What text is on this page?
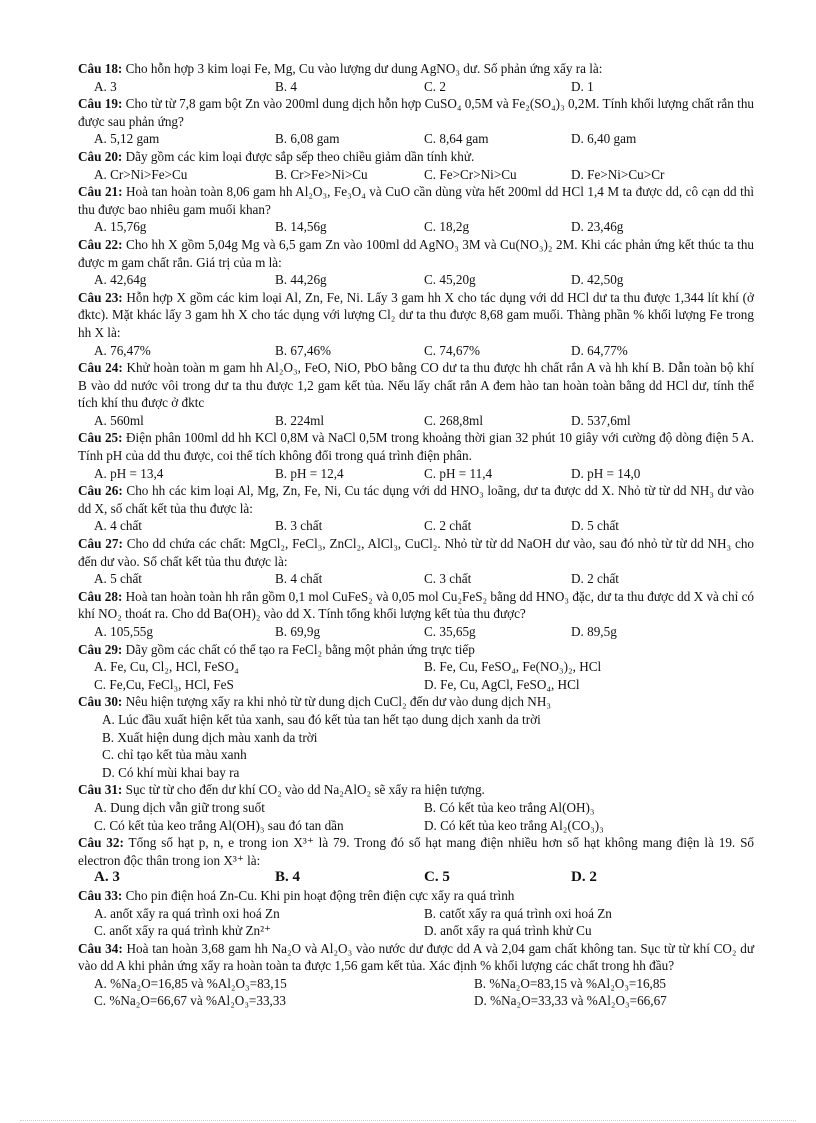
Câu 18: Cho hỗn hợp 3 kim loại Fe, Mg, Cu vào lượng dư dung AgNO₃ dư. Số phản ứng xẩy ra là:

A. 3	B. 4	C. 2	D. 1

Câu 19: Cho từ từ 7,8 gam bột Zn vào 200ml dung dịch hỗn hợp CuSO₄ 0,5M và Fe₂(SO₄)₃ 0,2M. Tính khối lượng chất rắn thu được sau phản ứng?

A. 5,12 gam	B. 6,08 gam	C. 8,64 gam	D. 6,40 gam

Câu 20: Dãy gồm các kim loại được sắp sếp theo chiều giảm dần tính khử.

A. Cr>Ni>Fe>Cu	B. Cr>Fe>Ni>Cu	C. Fe>Cr>Ni>Cu	D. Fe>Ni>Cu>Cr

Câu 21: Hoà tan hoàn toàn 8,06 gam hh Al₂O₃, Fe₃O₄ và CuO cần dùng vừa hết 200ml dd HCl 1,4 M ta được dd, cô cạn dd thì thu được bao nhiêu gam muối khan?

A. 15,76g	B. 14,56g	C. 18,2g	D. 23,46g

Câu 22: Cho hh X gồm 5,04g Mg và 6,5 gam Zn vào 100ml dd AgNO₃ 3M và Cu(NO₃)₂ 2M. Khi các phản ứng kết thúc ta thu được m gam chất rắn. Giá trị của m là:

A. 42,64g	B. 44,26g	C. 45,20g	D. 42,50g

Câu 23: Hỗn hợp X gồm các kim loại Al, Zn, Fe, Ni. Lấy 3 gam hh X cho tác dụng với dd HCl dư ta thu được 1,344 lít khí (ở đktc). Mặt khác lấy 3 gam hh X cho tác dụng với lượng Cl₂ dư ta thu được 8,68 gam muối. Thàng phần % khối lượng Fe trong hh X là:

A. 76,47%	B. 67,46%	C. 74,67%	D. 64,77%

Câu 24: Khử hoàn toàn m gam hh Al₂O₃, FeO, NiO, PbO bằng CO dư ta thu được hh chất rắn A và hh khí B. Dẫn toàn bộ khí B vào dd nước vôi trong dư ta thu được 1,2 gam kết tủa. Nếu lấy chất rắn A đem hào tan hoàn toàn bằng dd HCl dư, tính thể tích khí thu được ở đktc

A. 560ml	B. 224ml	C. 268,8ml	D. 537,6ml

Câu 25: Điện phân 100ml dd hh KCl 0,8M và NaCl 0,5M trong khoảng thời gian 32 phút 10 giây với cường độ dòng điện 5 A. Tính pH của dd thu được, coi thể tích không đổi trong quá trình điện phân.

A. pH = 13,4	B. pH = 12,4	C. pH = 11,4	D. pH = 14,0

Câu 26: Cho hh các kim loại Al, Mg, Zn, Fe, Ni, Cu tác dụng với dd HNO₃ loãng, dư ta được dd X. Nhỏ từ từ dd NH₃ dư vào dd X, số chất kết tủa thu được là:

A. 4 chất	B. 3 chất	C. 2 chất	D. 5 chất

Câu 27: Cho dd chứa các chất: MgCl₂, FeCl₃, ZnCl₂, AlCl₃, CuCl₂. Nhỏ từ từ dd NaOH dư vào, sau đó nhỏ từ từ dd NH₃ cho đến dư vào. Số chất kết tủa thu được là:

A. 5 chất	B. 4 chất	C. 3 chất	D. 2 chất

Câu 28: Hoà tan hoàn toàn hh rắn gồm 0,1 mol CuFeS₂ và 0,05 mol Cu₂FeS₂ bằng dd HNO₃ đặc, dư ta thu được dd X và chỉ có khí NO₂ thoát ra. Cho dd Ba(OH)₂ vào dd X. Tính tổng khối lượng kết tủa thu được?

A. 105,55g	B. 69,9g	C. 35,65g	D. 89,5g

Câu 29: Dãy gồm các chất có thể tạo ra FeCl₂ bằng một phản ứng trực tiếp

A. Fe, Cu, Cl₂, HCl, FeSO₄	B. Fe, Cu, FeSO₄, Fe(NO₃)₂, HCl
C. Fe,Cu, FeCl₃, HCl, FeS	D. Fe, Cu, AgCl, FeSO₄, HCl

Câu 30: Nêu hiện tượng xẩy ra khi nhỏ từ từ dung dịch CuCl₂ đến dư vào dung dịch NH₃

A. Lúc đầu xuất hiện kết tủa xanh, sau đó kết tủa tan hết tạo dung dịch xanh da trời
B. Xuất hiện dung dịch màu xanh da trời
C. chỉ tạo kết tủa màu xanh
D. Có khí mùi khai bay ra

Câu 31: Sục từ từ cho đến dư khí CO₂ vào dd Na₂AlO₂ sẽ xẩy ra hiện tượng.

A. Dung dịch vẫn giữ trong suốt	B. Có kết tủa keo trắng Al(OH)₃
C. Có kết tủa keo trắng Al(OH)₃ sau đó tan dần	D. Có kết tủa keo trắng Al₂(CO₃)₃

Câu 32: Tổng số hạt p, n, e trong ion X³⁺ là 79. Trong đó số hạt mang điện nhiều hơn số hạt không mang điện là 19. Số electron độc thân trong ion X³⁺ là:

A. 3	B. 4	C. 5	D. 2

Câu 33: Cho pin điện hoá Zn-Cu. Khi pin hoạt động trên điện cực xẩy ra quá trình

A. anốt xẩy ra quá trình oxi hoá Zn	B. catốt xẩy ra quá trình oxi hoá Zn
C. anốt xẩy ra quá trình khử Zn²⁺	D. anốt xẩy ra quá trình khử Cu

Câu 34: Hoà tan hoàn 3,68 gam hh Na₂O và Al₂O₃ vào nước dư được dd A và 2,04 gam chất không tan. Sục từ từ khí CO₂ dư vào dd A khi phản ứng xẩy ra hoàn toàn ta được 1,56 gam kết tủa. Xác định % khối lượng các chất trong hh đầu?

A. %Na₂O=16,85 và %Al₂O₃=83,15	B. %Na₂O=83,15 và %Al₂O₃=16,85
C. %Na₂O=66,67 và %Al₂O₃=33,33	D. %Na₂O=33,33 và %Al₂O₃=66,67
